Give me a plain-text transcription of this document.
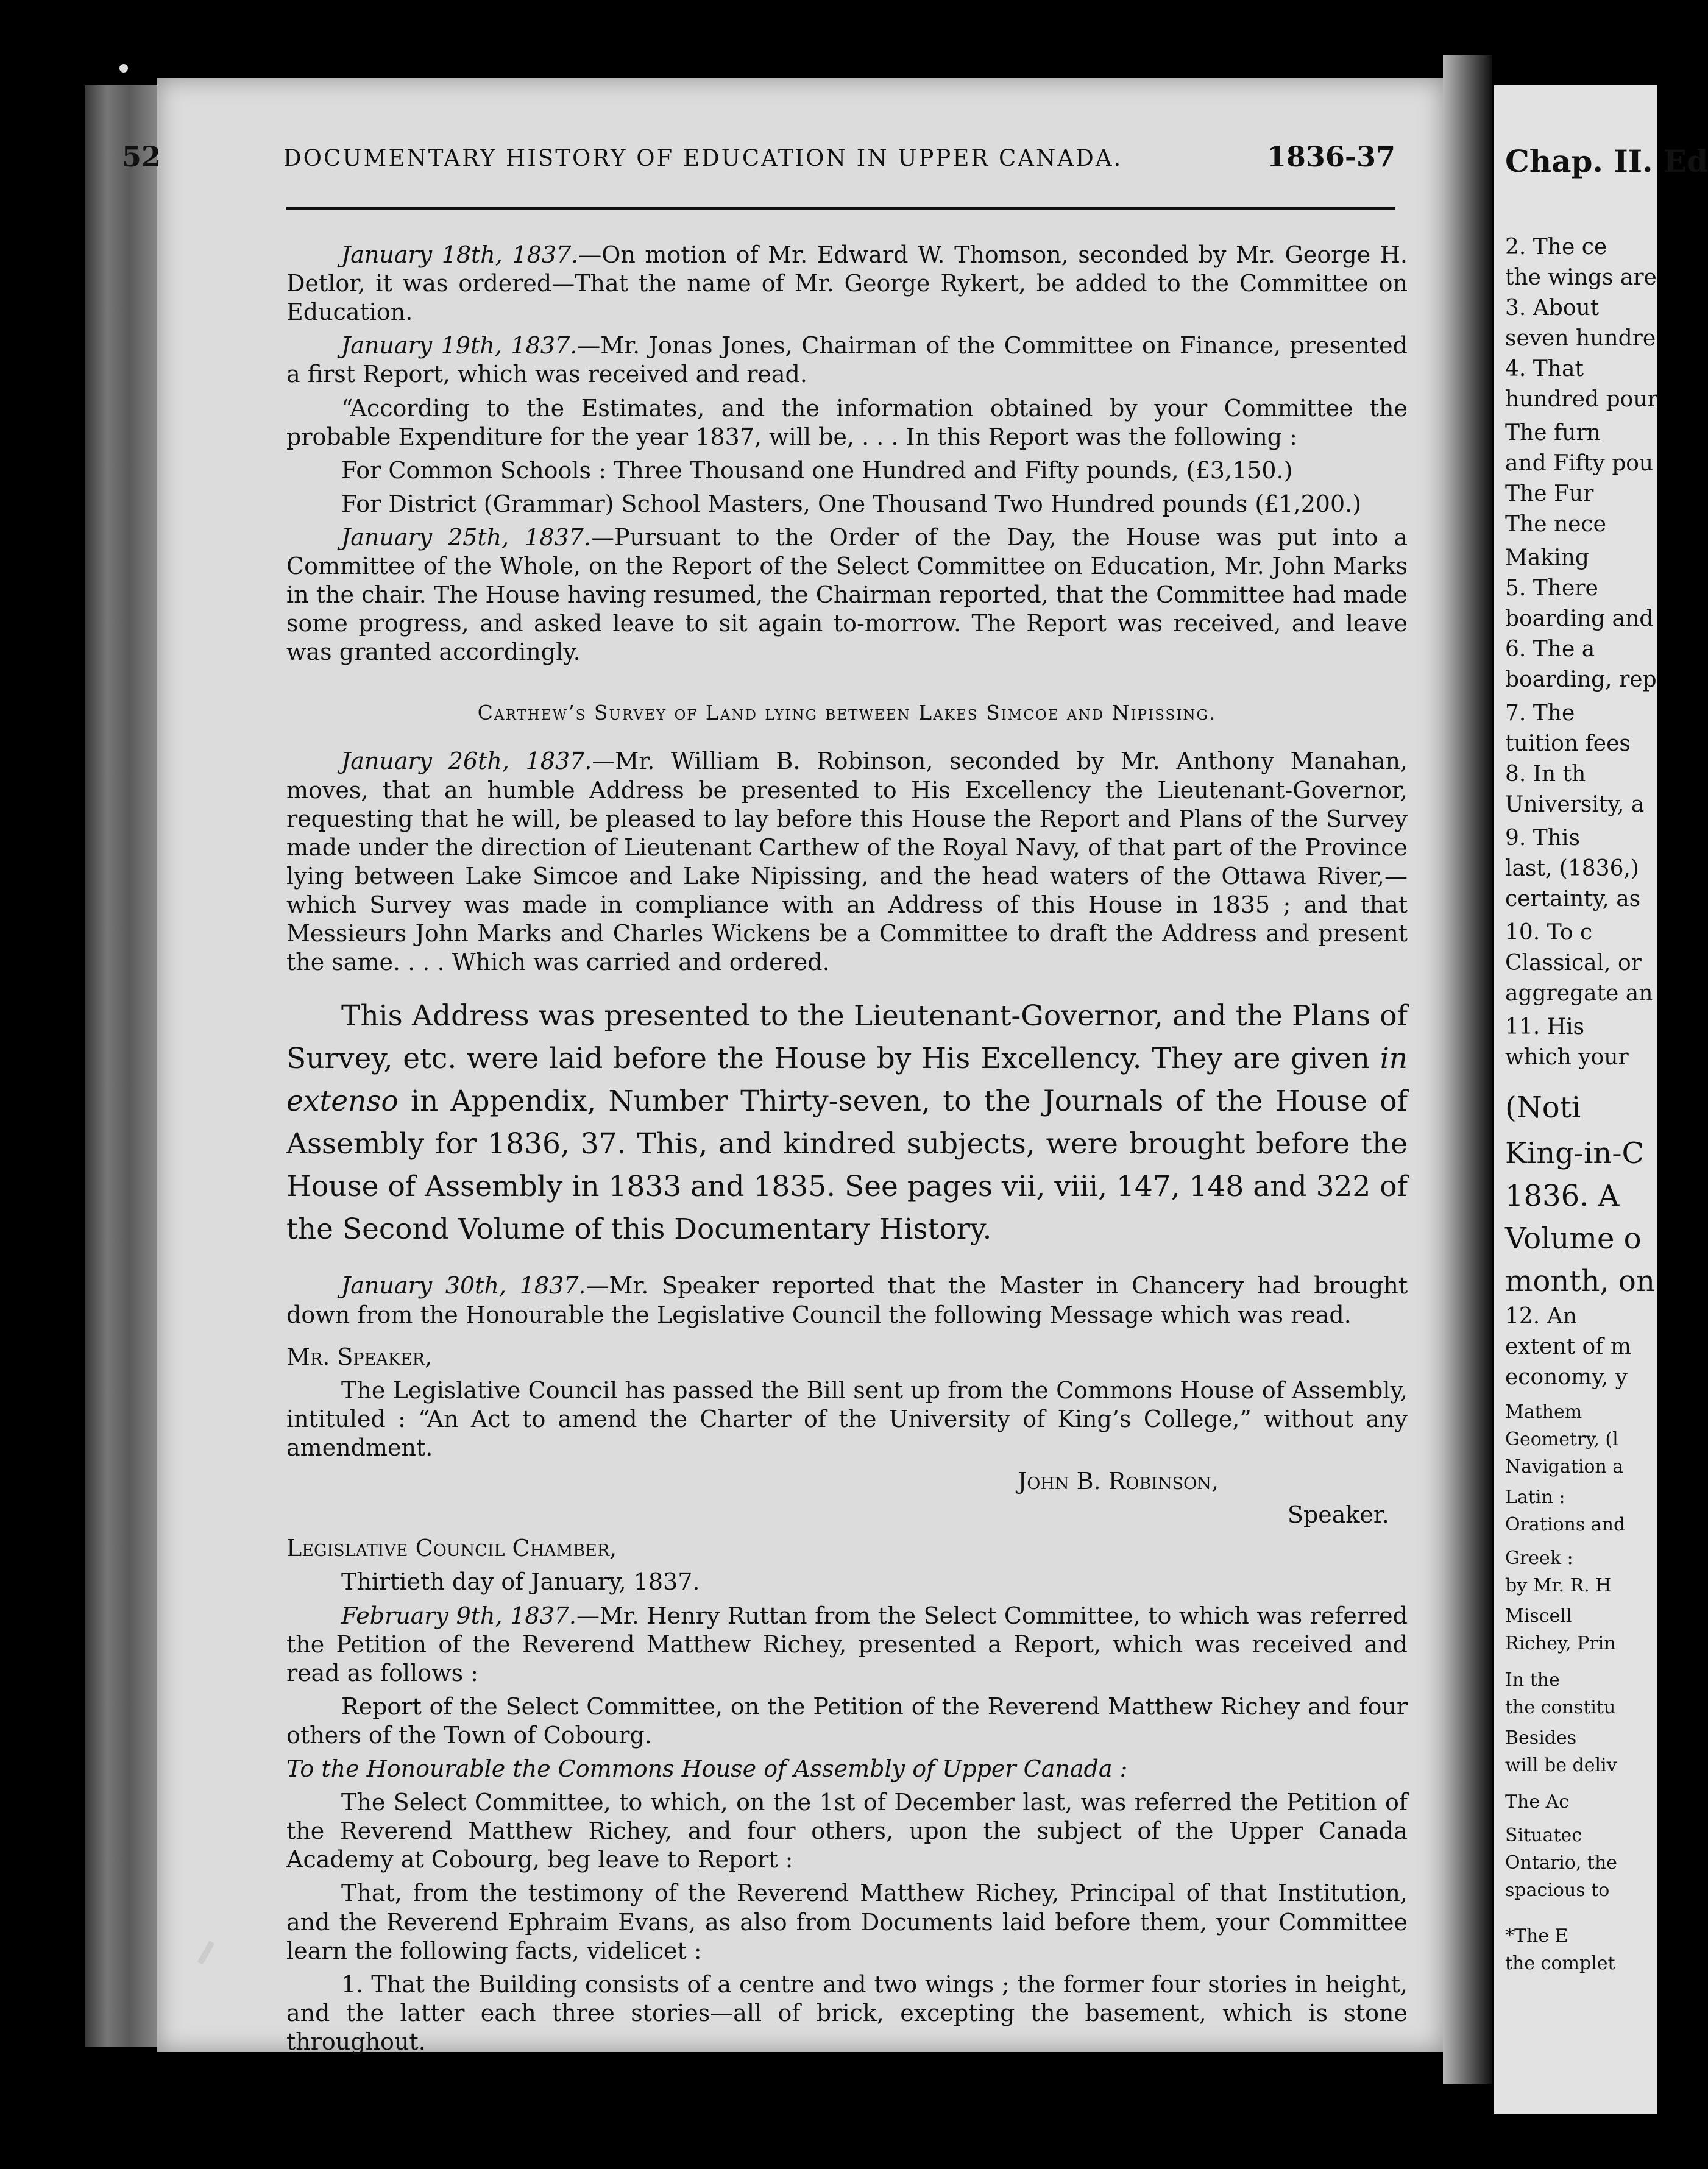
52	DOCUMENTARY HISTORY OF EDUCATION IN UPPER CANADA.	1836-37

January 18th, 1837.—On motion of Mr. Edward W. Thomson, seconded by Mr. George H. Detlor, it was ordered—That the name of Mr. George Rykert, be added to the Committee on Education.

January 19th, 1837.—Mr. Jonas Jones, Chairman of the Committee on Finance, presented a first Report, which was received and read.

“According to the Estimates, and the information obtained by your Committee the probable Expenditure for the year 1837, will be, . . . In this Report was the following :

For Common Schools : Three Thousand one Hundred and Fifty pounds, (£3,150.)

For District (Grammar) School Masters, One Thousand Two Hundred pounds (£1,200.)

January 25th, 1837.—Pursuant to the Order of the Day, the House was put into a Committee of the Whole, on the Report of the Select Committee on Education, Mr. John Marks in the chair. The House having resumed, the Chairman reported, that the Committee had made some progress, and asked leave to sit again to-morrow. The Report was received, and leave was granted accordingly.

Carthew’s Survey of Land lying between Lakes Simcoe and Nipissing.

January 26th, 1837.—Mr. William B. Robinson, seconded by Mr. Anthony Manahan, moves, that an humble Address be presented to His Excellency the Lieutenant-Governor, requesting that he will, be pleased to lay before this House the Report and Plans of the Survey made under the direction of Lieutenant Carthew of the Royal Navy, of that part of the Province lying between Lake Simcoe and Lake Nipissing, and the head waters of the Ottawa River,—which Survey was made in compliance with an Address of this House in 1835 ; and that Messieurs John Marks and Charles Wickens be a Committee to draft the Address and present the same. . . . Which was carried and ordered.

This Address was presented to the Lieutenant-Governor, and the Plans of Survey, etc. were laid before the House by His Excellency. They are given in extenso in Appendix, Number Thirty-seven, to the Journals of the House of Assembly for 1836, 37. This, and kindred subjects, were brought before the House of Assembly in 1833 and 1835. See pages vii, viii, 147, 148 and 322 of the Second Volume of this Documentary History.

January 30th, 1837.—Mr. Speaker reported that the Master in Chancery had brought down from the Honourable the Legislative Council the following Message which was read.

Mr. Speaker,

The Legislative Council has passed the Bill sent up from the Commons House of Assembly, intituled : “An Act to amend the Charter of the University of King’s College,” without any amendment.

John B. Robinson,

Speaker.

Legislative Council Chamber,

Thirtieth day of January, 1837.

February 9th, 1837.—Mr. Henry Ruttan from the Select Committee, to which was referred the Petition of the Reverend Matthew Richey, presented a Report, which was received and read as follows :

Report of the Select Committee, on the Petition of the Reverend Matthew Richey and four others of the Town of Cobourg.

To the Honourable the Commons House of Assembly of Upper Canada :

The Select Committee, to which, on the 1st of December last, was referred the Petition of the Reverend Matthew Richey, and four others, upon the subject of the Upper Canada Academy at Cobourg, beg leave to Report :

That, from the testimony of the Reverend Matthew Richey, Principal of that Institution, and the Reverend Ephraim Evans, as also from Documents laid before them, your Committee learn the following facts, videlicet :

1. That the Building consists of a centre and two wings ; the former four stories in height, and the latter each three stories—all of brick, excepting the basement, which is stone throughout.

Chap. II. Ed
2. The ce
the wings are
3. About
seven hundre
4. That
hundred pour
The furn
and Fifty pou
The Fur
The nece
Making
5. There
boarding and
6. The a
boarding, rep
7. The
tuition fees
8. In th
University, a
9. This
last, (1836,)
certainty, as
10. To c
Classical, or
aggregate an
11. His
which your
(Noti
King-in-C
1836. A
Volume o
month, on
12. An
extent of m
economy, y
Mathem
Geometry, (l
Navigation a
Latin :
Orations and
Greek :
by Mr. R. H
Miscell
Richey, Prin
In the
the constitu
Besides
will be deliv
The Ac
Situatec
Ontario, the
spacious to
*The E
the complet
